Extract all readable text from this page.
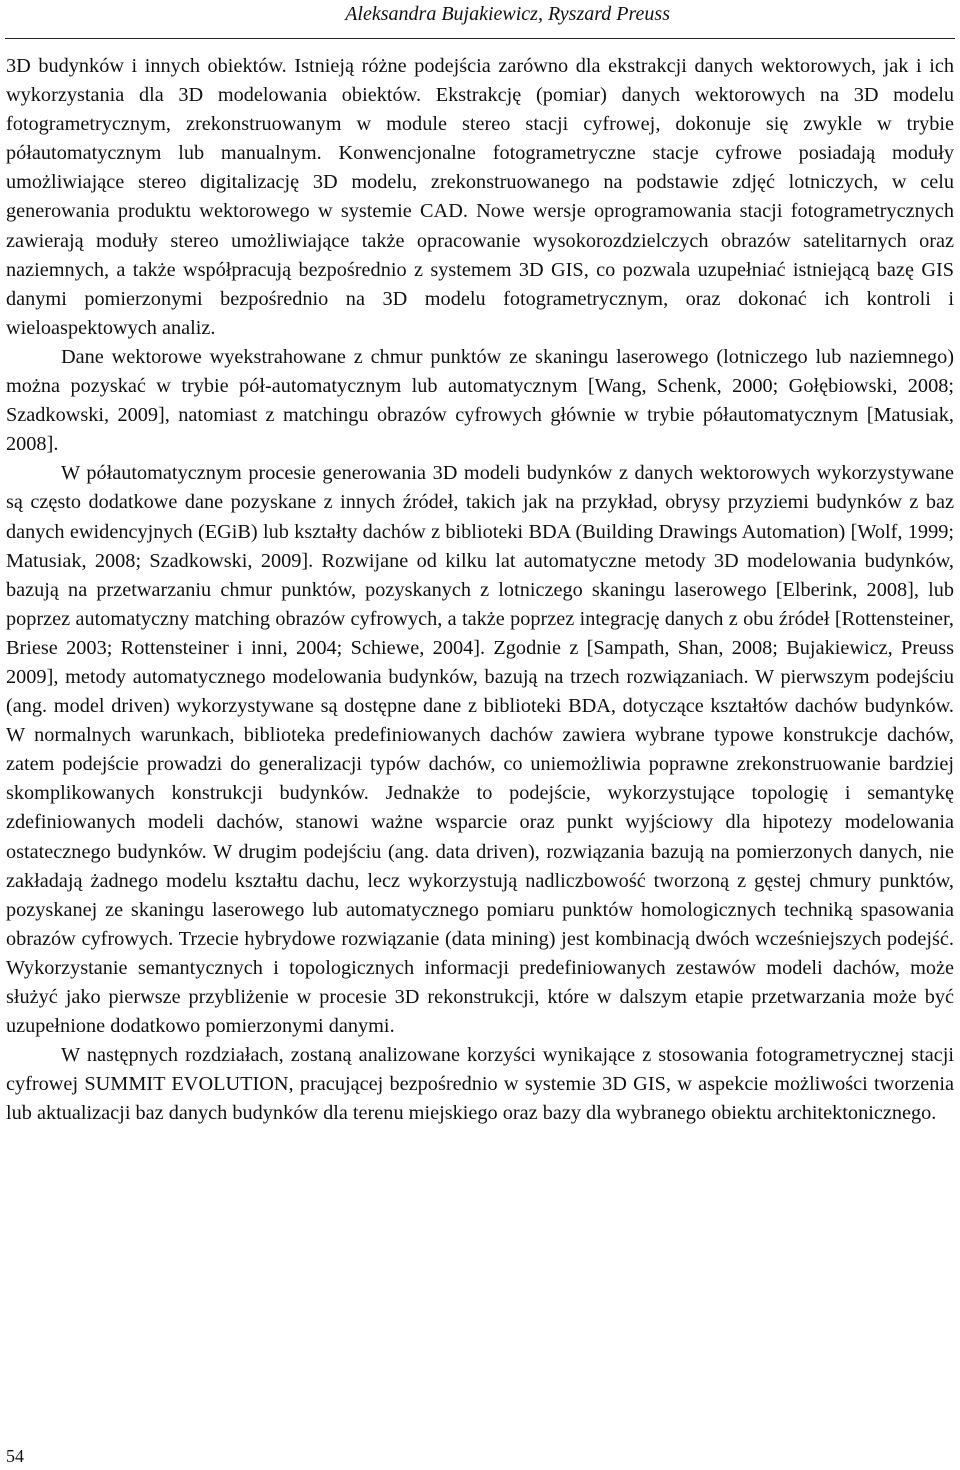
Aleksandra Bujakiewicz, Ryszard Preuss

3D budynków i innych obiektów. Istnieją różne podejścia zarówno dla ekstrakcji danych wektorowych, jak i ich wykorzystania dla 3D modelowania obiektów. Ekstrakcję (pomiar) danych wektorowych na 3D modelu fotogrametrycznym, zrekonstruowanym w module stereo stacji cyfrowej, dokonuje się zwykle w trybie półautomatycznym lub manualnym. Konwencjonalne fotogrametryczne stacje cyfrowe posiadają moduły umożliwiające stereo digitalizację 3D modelu, zrekonstruowanego na podstawie zdjęć lotniczych, w celu generowania produktu wektorowego w systemie CAD. Nowe wersje oprogramowania stacji fotogrametrycznych zawierają moduły stereo umożliwiające także opracowanie wysokorozdzielczych obrazów satelitarnych oraz naziemnych, a także współpracują bezpośrednio z systemem 3D GIS, co pozwala uzupełniać istniejącą bazę GIS danymi pomierzonymi bezpośrednio na 3D modelu fotogrametrycznym, oraz dokonać ich kontroli i wieloaspektowych analiz.

Dane wektorowe wyekstrahowane z chmur punktów ze skaningu laserowego (lotniczego lub naziemnego) można pozyskać w trybie pół-automatycznym lub automatycznym [Wang, Schenk, 2000; Gołębiowski, 2008; Szadkowski, 2009], natomiast z matchingu obrazów cyfrowych głównie w trybie półautomatycznym [Matusiak, 2008].

W półautomatycznym procesie generowania 3D modeli budynków z danych wektorowych wykorzystywane są często dodatkowe dane pozyskane z innych źródeł, takich jak na przykład, obrysy przyziemi budynków z baz danych ewidencyjnych (EGiB) lub kształty dachów z biblioteki BDA (Building Drawings Automation) [Wolf, 1999; Matusiak, 2008; Szadkowski, 2009]. Rozwijane od kilku lat automatyczne metody 3D modelowania budynków, bazują na przetwarzaniu chmur punktów, pozyskanych z lotniczego skaningu laserowego [Elberink, 2008], lub poprzez automatyczny matching obrazów cyfrowych, a także poprzez integrację danych z obu źródeł [Rottensteiner, Briese 2003; Rottensteiner i inni, 2004; Schiewe, 2004]. Zgodnie z [Sampath, Shan, 2008; Bujakiewicz, Preuss 2009], metody automatycznego modelowania budynków, bazują na trzech rozwiązaniach. W pierwszym podejściu (ang. model driven) wykorzystywane są dostępne dane z biblioteki BDA, dotyczące kształtów dachów budynków. W normalnych warunkach, biblioteka predefiniowanych dachów zawiera wybrane typowe konstrukcje dachów, zatem podejście prowadzi do generalizacji typów dachów, co uniemożliwia poprawne zrekonstruowanie bardziej skomplikowanych konstrukcji budynków. Jednakże to podejście, wykorzystujące topologię i semantykę zdefiniowanych modeli dachów, stanowi ważne wsparcie oraz punkt wyjściowy dla hipotezy modelowania ostatecznego budynków. W drugim podejściu (ang. data driven), rozwiązania bazują na pomierzonych danych, nie zakładają żadnego modelu kształtu dachu, lecz wykorzystują nadliczbowość tworzoną z gęstej chmury punktów, pozyskanej ze skaningu laserowego lub automatycznego pomiaru punktów homologicznych techniką spasowania obrazów cyfrowych. Trzecie hybrydowe rozwiązanie (data mining) jest kombinacją dwóch wcześniejszych podejść. Wykorzystanie semantycznych i topologicznych informacji predefiniowanych zestawów modeli dachów, może służyć jako pierwsze przybliżenie w procesie 3D rekonstrukcji, które w dalszym etapie przetwarzania może być uzupełnione dodatkowo pomierzonymi danymi.

W następnych rozdziałach, zostaną analizowane korzyści wynikające z stosowania fotogrametrycznej stacji cyfrowej SUMMIT EVOLUTION, pracującej bezpośrednio w systemie 3D GIS, w aspekcie możliwości tworzenia lub aktualizacji baz danych budynków dla terenu miejskiego oraz bazy dla wybranego obiektu architektonicznego.

54
